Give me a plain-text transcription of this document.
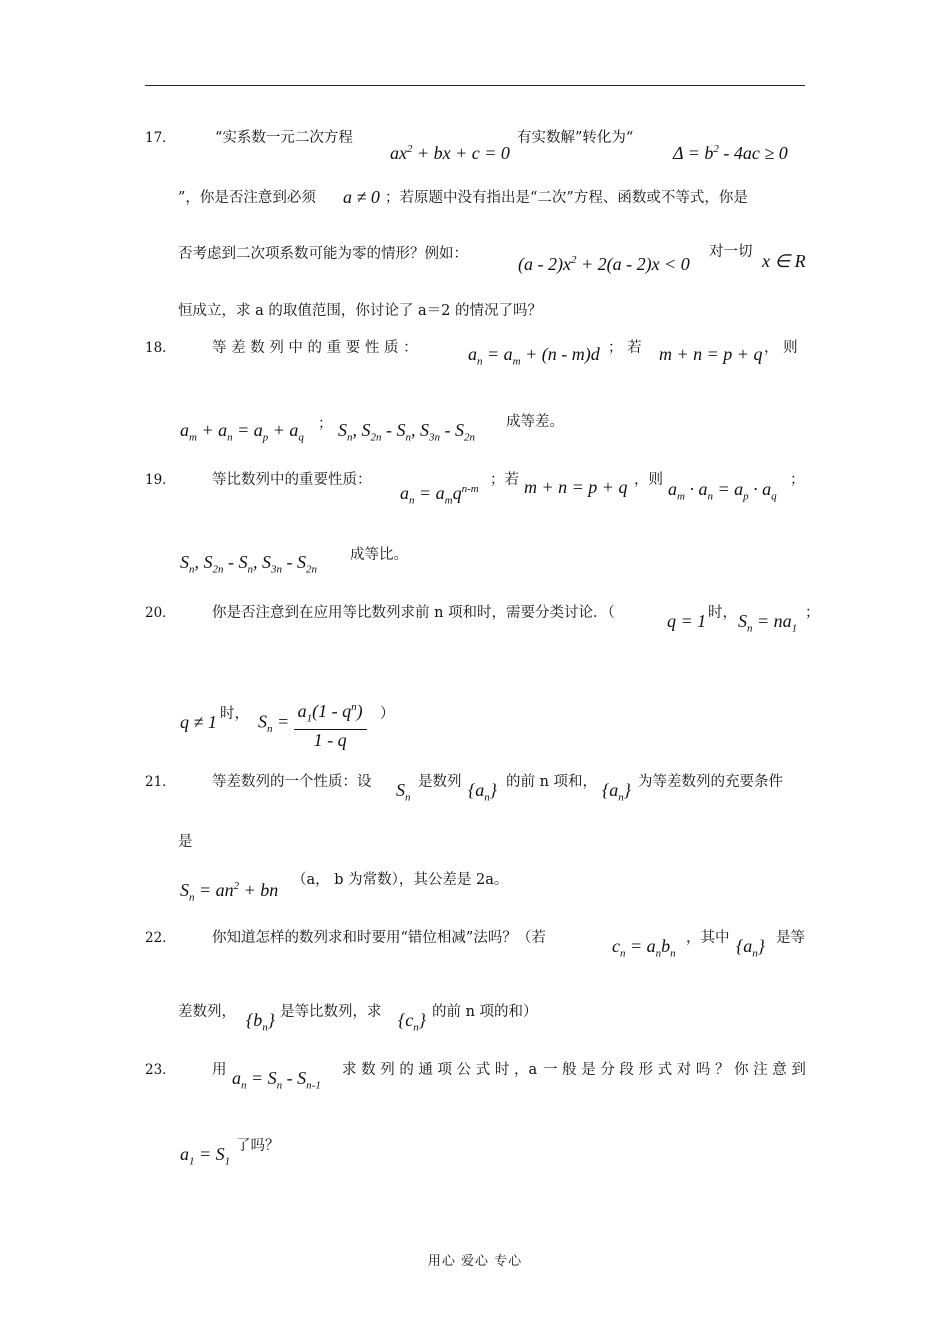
17．	“实系数一元二次方程
$ax^2$ + bx + c = 0
有实数解”转化为“
$\Delta = b^2 - 4ac \ge 0$
”，你是否注意到必须 a ≠ 0 ；若原题中没有指出是“二次”方程、函数或不等式，你是
否考虑到二次项系数可能为零的情形？例如：	$(a - 2)x^2 + 2(a - 2)x < 0$
对一切 x ∈ R
恒成立，求 a 的取值范围，你讨论了 a＝2 的情况了吗？
18．	等 差 数 列 中 的 重 要 性 质 ：	$a_n = a_m + (n - m)d$ ； 若 m + n = p + q ， 则
$a_m + a_n = a_p + a_q$
； $S_n$, $S_{2n} - S_n$, $S_{3n} - S_{2n}$
成等差。
19．	等比数列中的重要性质：
$a_n = a_mq^{n-m}$
；若 m + n = p + q ，则 $a_m \cdot a_n = a_p \cdot a_q$
；
$S_n$, $S_{2n} - S_n$, $S_{3n} - S_{2n}$
成等比。
20．	你是否注意到在应用等比数列求前 n 项和时，需要分类讨论．（	q = 1 时， $S_n = na_1$
；
q ≠ 1 时， $S_n = \frac{a_1(1 - q^n)}{1 - q}$ ）
21．	等差数列的一个性质：设 $S_n$
是数列 $\{a_n\}$ 的前 n 项和， $\{a_n\}$ 为等差数列的充要条件
是
$S_n = an^2$ + bn （a， b 为常数），其公差是 2a。
22．	你知道怎样的数列求和时要用“错位相减”法吗？（若	$c_n = a_nb_n$
，其中 $\{a_n\}$ 是等
差数列， $\{b_n\}$ 是等比数列，求 $\{c_n\}$ 的前 n 项的和）
23．	用 $a_n = S_n - S_{n-1}$
求 数 列 的 通 项 公 式 时 ，a 一 般 是 分 段 形 式 对 吗 ？ 你 注 意 到
$a_1 = S_1$
了吗？
用心 爱心 专心
